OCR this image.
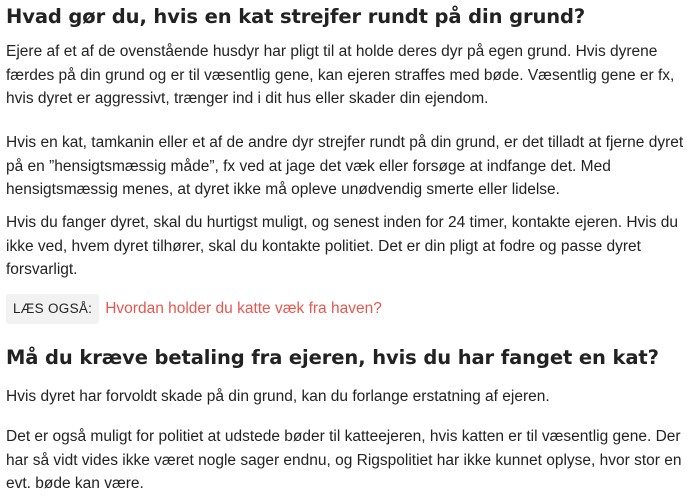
Hvad gør du, hvis en kat strejfer rundt på din grund?

Ejere af et af de ovenstående husdyr har pligt til at holde deres dyr på egen grund. Hvis dyrene færdes på din grund og er til væsentlig gene, kan ejeren straffes med bøde. Væsentlig gene er fx, hvis dyret er aggressivt, trænger ind i dit hus eller skader din ejendom.

Hvis en kat, tamkanin eller et af de andre dyr strejfer rundt på din grund, er det tilladt at fjerne dyret på en ”hensigtsmæssig måde”, fx ved at jage det væk eller forsøge at indfange det. Med hensigtsmæssig menes, at dyret ikke må opleve unødvendig smerte eller lidelse.

Hvis du fanger dyret, skal du hurtigst muligt, og senest inden for 24 timer, kontakte ejeren. Hvis du ikke ved, hvem dyret tilhører, skal du kontakte politiet. Det er din pligt at fodre og passe dyret forsvarligt.

LÆS OGSÅ: Hvordan holder du katte væk fra haven?
Må du kræve betaling fra ejeren, hvis du har fanget en kat?

Hvis dyret har forvoldt skade på din grund, kan du forlange erstatning af ejeren.

Det er også muligt for politiet at udstede bøder til katteejeren, hvis katten er til væsentlig gene. Der har så vidt vides ikke været nogle sager endnu, og Rigspolitiet har ikke kunnet oplyse, hvor stor en evt. bøde kan være.
